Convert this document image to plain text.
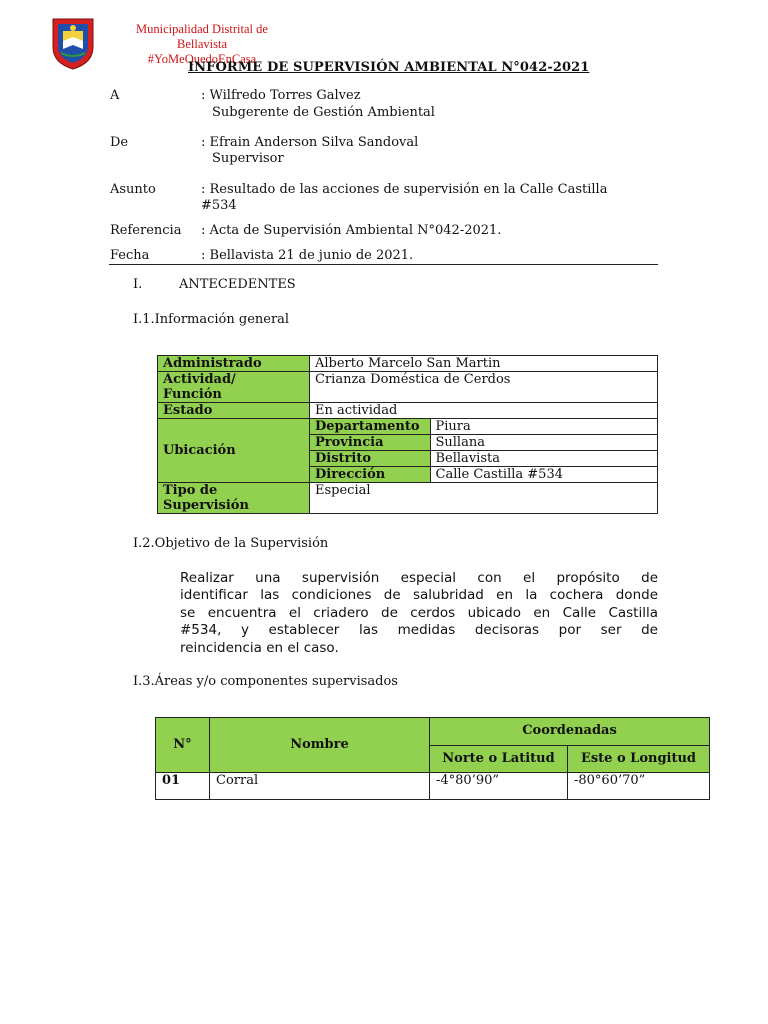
Municipalidad Distrital de
Bellavista
#YoMeQuedoEnCasa
INFORME DE SUPERVISIÓN AMBIENTAL N°042-2021
A	: Wilfredo Torres Galvez
Subgerente de Gestión Ambiental
De	: Efrain Anderson Silva Sandoval
Supervisor
Asunto	: Resultado de las acciones de supervisión en la Calle Castilla
#534
Referencia : Acta de Supervisión Ambiental N°042-2021.
Fecha	: Bellavista 21 de junio de 2021.
I.	ANTECEDENTES
I.1.Información general
Administrado	Alberto Marcelo San Martin

Actividad/
Función
	Crianza Doméstica de Cerdos
Estado	En actividad
Ubicación	
Departamento	Piura
Provincia	Sullana
Distrito	Bellavista
Dirección	Calle Castilla #534

Tipo de
Supervisión
	Especial
I.2.Objetivo de la Supervisión
Realizar una supervisión especial con el propósito de
identificar las condiciones de salubridad en la cochera donde
se encuentra el criadero de cerdos ubicado en Calle Castilla
#534, y establecer las medidas decisoras por ser de
reincidencia en el caso.
I.3.Áreas y/o componentes supervisados
N°	Nombre	Coordenadas	
		Norte o Latitud	Este o Longitud
01	Corral	-4°80’90”	-80°60’70”
